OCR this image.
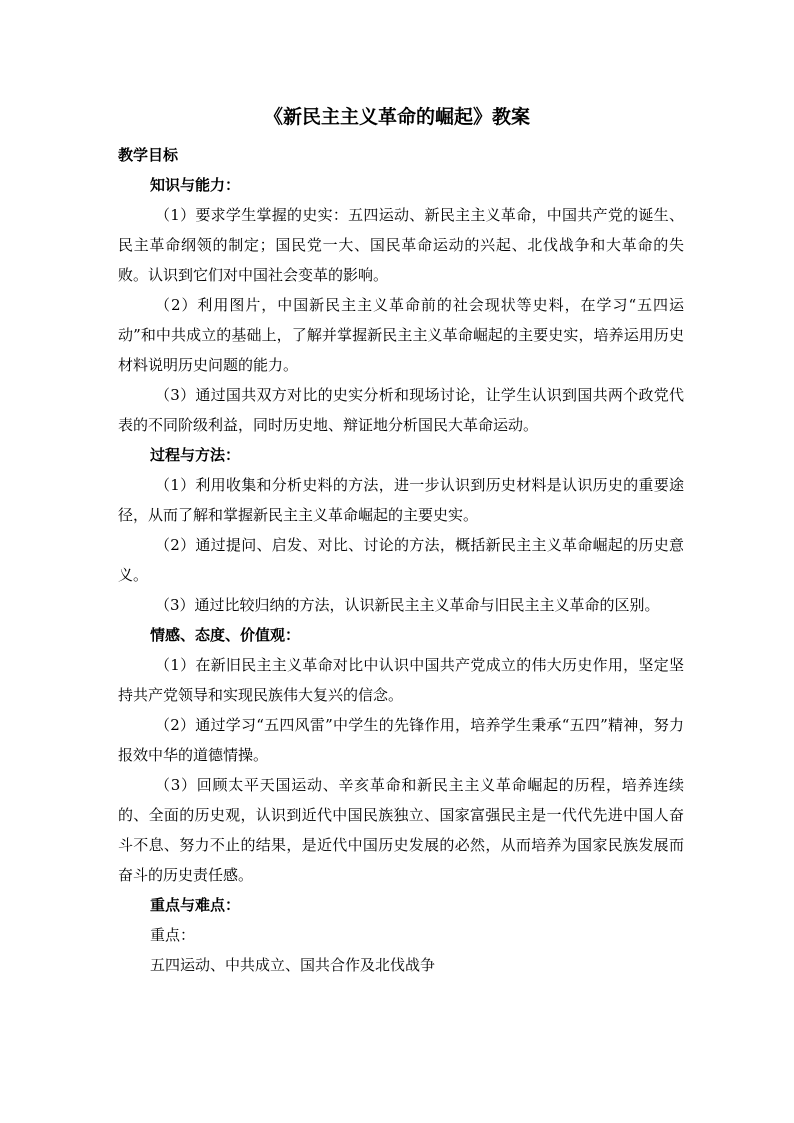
《新民主主义革命的崛起》教案
教学目标
知识与能力：
（1）要求学生掌握的史实：五四运动、新民主主义革命，中国共产党的诞生、民主革命纲领的制定；国民党一大、国民革命运动的兴起、北伐战争和大革命的失败。认识到它们对中国社会变革的影响。
（2）利用图片，中国新民主主义革命前的社会现状等史料，在学习“五四运动”和中共成立的基础上，了解并掌握新民主主义革命崛起的主要史实，培养运用历史材料说明历史问题的能力。
（3）通过国共双方对比的史实分析和现场讨论，让学生认识到国共两个政党代表的不同阶级利益，同时历史地、辩证地分析国民大革命运动。
过程与方法：
（1）利用收集和分析史料的方法，进一步认识到历史材料是认识历史的重要途径，从而了解和掌握新民主主义革命崛起的主要史实。
（2）通过提问、启发、对比、讨论的方法，概括新民主主义革命崛起的历史意义。
（3）通过比较归纳的方法，认识新民主主义革命与旧民主主义革命的区别。
情感、态度、价值观：
（1）在新旧民主主义革命对比中认识中国共产党成立的伟大历史作用，坚定坚持共产党领导和实现民族伟大复兴的信念。
（2）通过学习“五四风雷”中学生的先锋作用，培养学生秉承“五四”精神，努力报效中华的道德情操。
（3）回顾太平天国运动、辛亥革命和新民主主义革命崛起的历程，培养连续的、全面的历史观，认识到近代中国民族独立、国家富强民主是一代代先进中国人奋斗不息、努力不止的结果，是近代中国历史发展的必然，从而培养为国家民族发展而奋斗的历史责任感。
重点与难点：
重点：
五四运动、中共成立、国共合作及北伐战争
